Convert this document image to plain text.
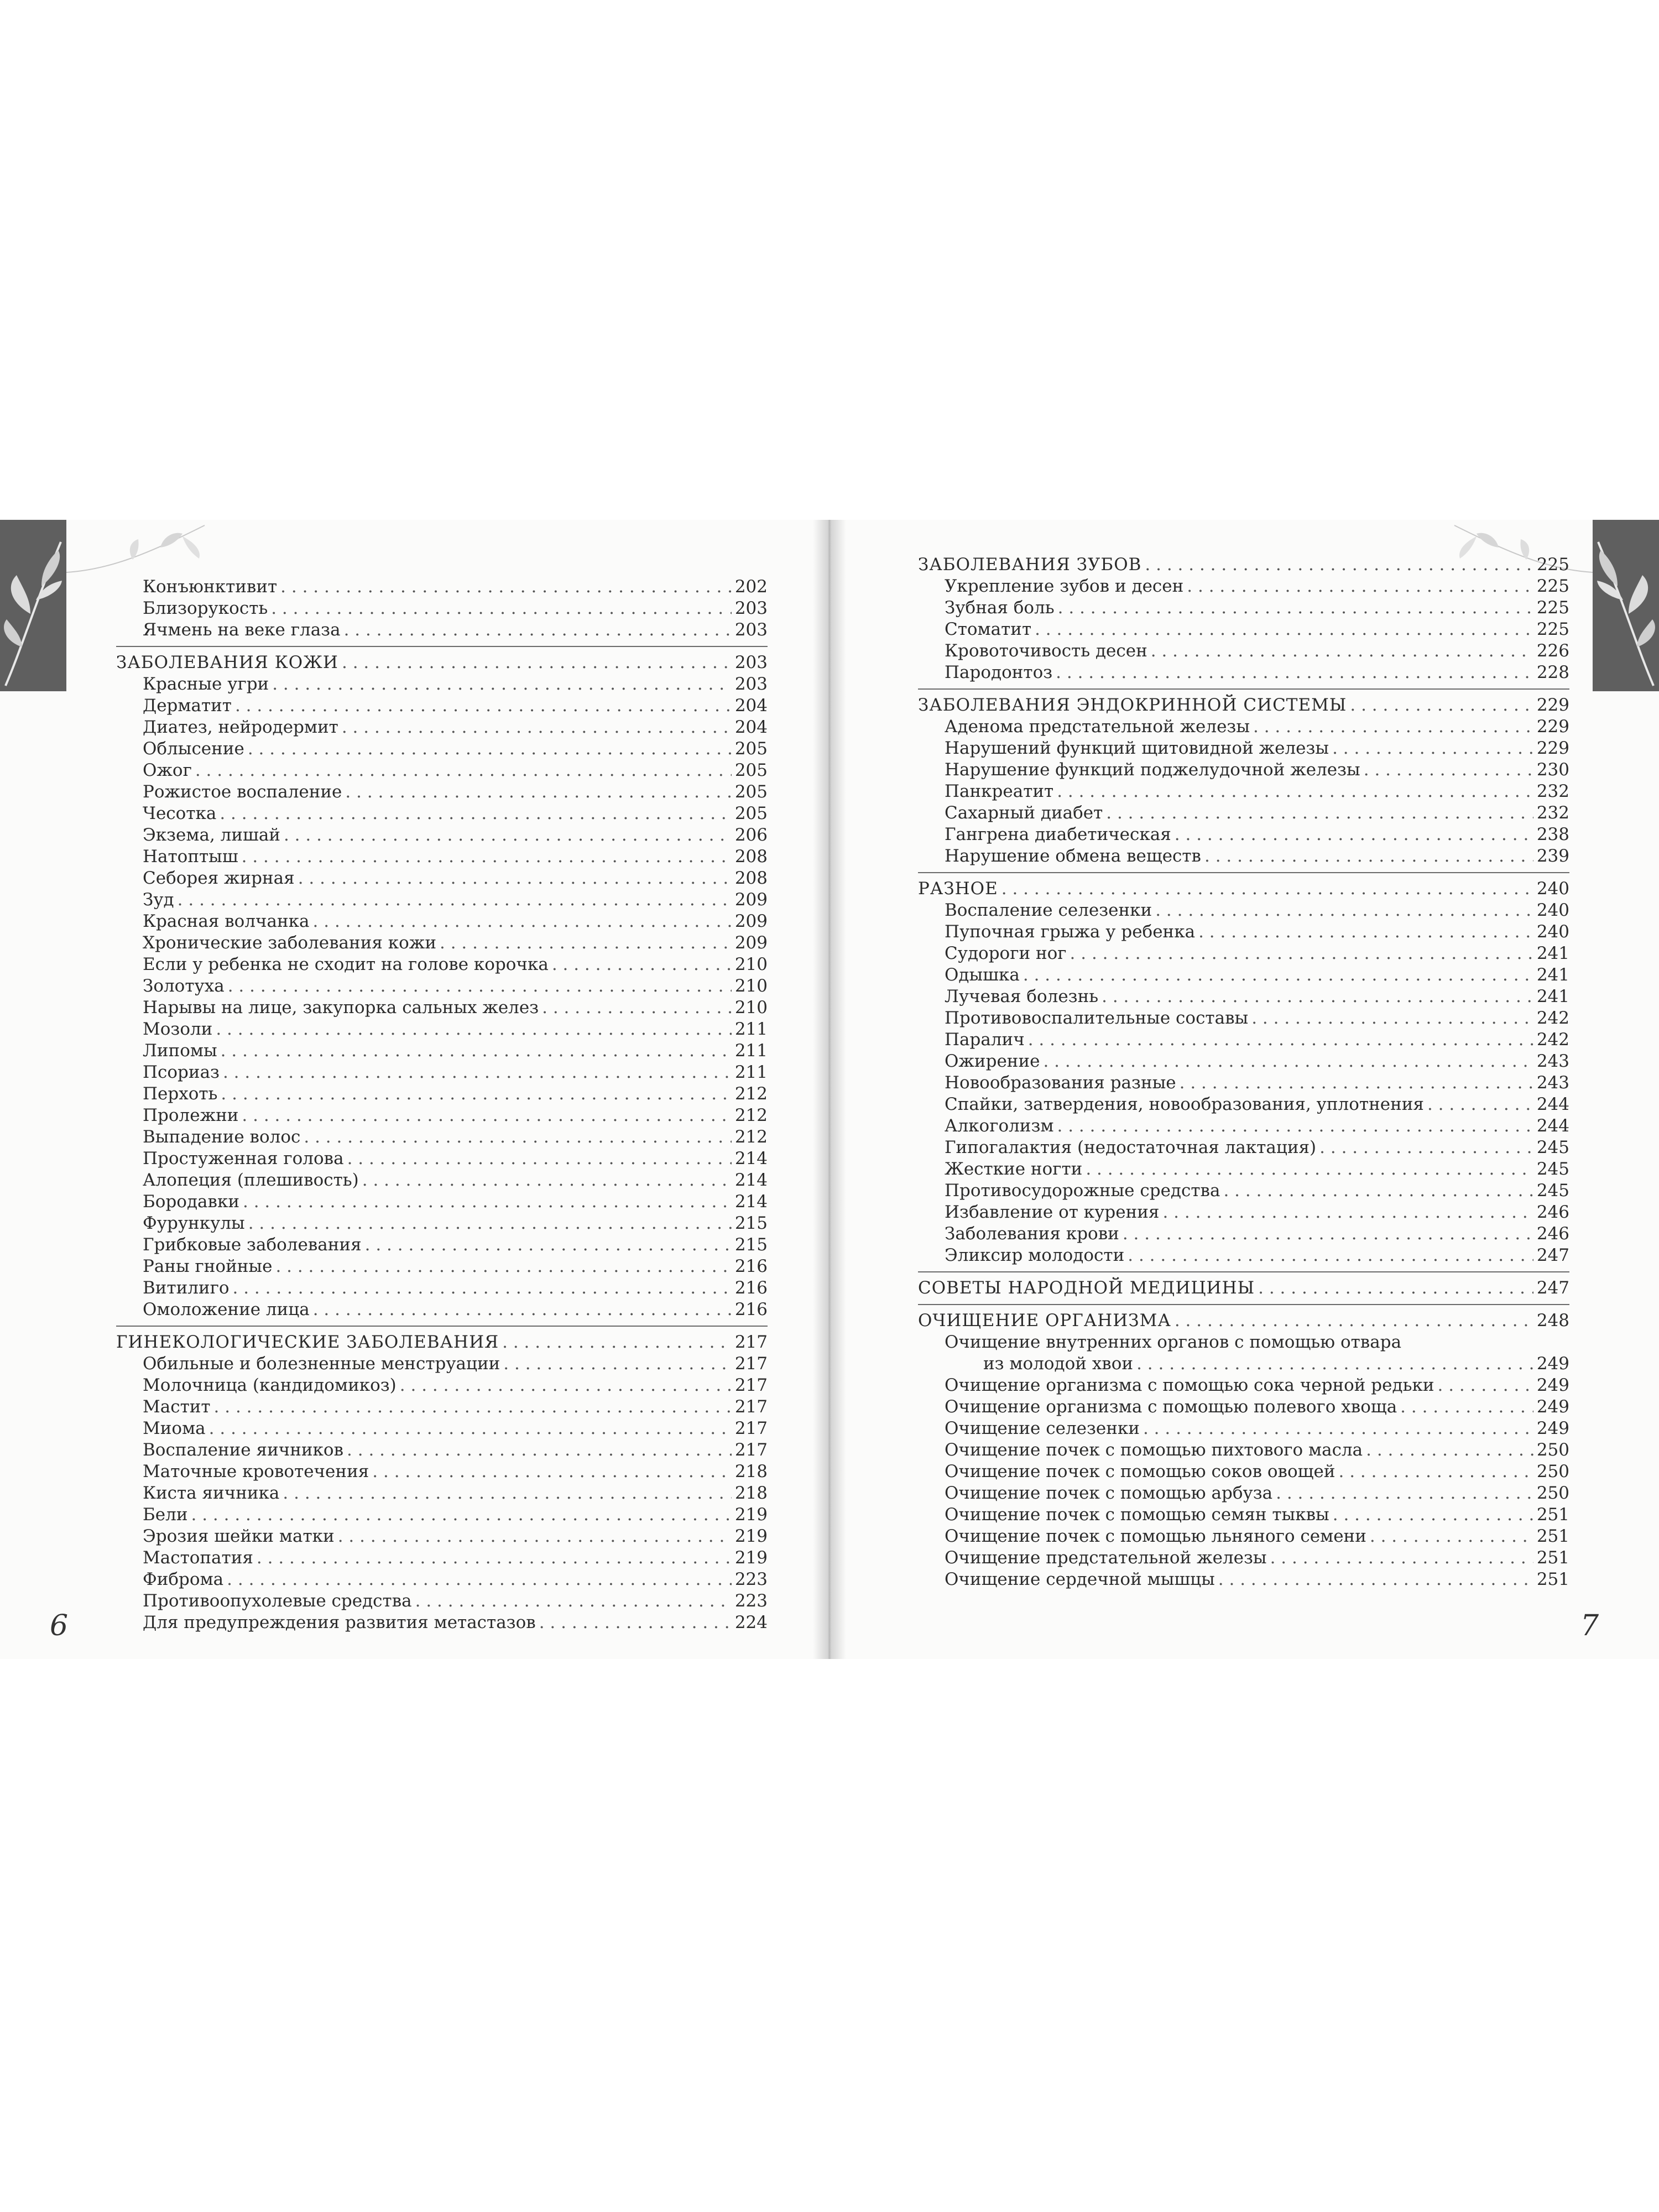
Конъюнктивит . . .	202
Близорукость . . .	203
Ячмень на веке глаза . . .	203
ЗАБОЛЕВАНИЯ КОЖИ . . .	203
Красные угри . . .	203
Дерматит . . .	204
Диатез, нейродермит . . .	204
Облысение . . .	205
Ожог . . .	205
Рожистое воспаление . . .	205
Чесотка . . .	205
Экзема, лишай . . .	206
Натоптыш . . .	208
Себорея жирная . . .	208
Зуд . . .	209
Красная волчанка . . .	209
Хронические заболевания кожи . . .	209
Если у ребенка не сходит на голове корочка . . .	210
Золотуха . . .	210
Нарывы на лице, закупорка сальных желез . . .	210
Мозоли . . .	211
Липомы . . .	211
Псориаз . . .	211
Перхоть . . .	212
Пролежни . . .	212
Выпадение волос . . .	212
Простуженная голова . . .	214
Алопеция (плешивость) . . .	214
Бородавки . . .	214
Фурункулы . . .	215
Грибковые заболевания . . .	215
Раны гнойные . . .	216
Витилиго . . .	216
Омоложение лица . . .	216
ГИНЕКОЛОГИЧЕСКИЕ ЗАБОЛЕВАНИЯ . . .	217
Обильные и болезненные менструации . . .	217
Молочница (кандидомикоз) . . .	217
Мастит . . .	217
Миома . . .	217
Воспаление яичников . . .	217
Маточные кровотечения . . .	218
Киста яичника . . .	218
Бели . . .	219
Эрозия шейки матки . . .	219
Мастопатия . . .	219
Фиброма . . .	223
Противоопухолевые средства . . .	223
Для предупреждения развития метастазов . . .	224
6
ЗАБОЛЕВАНИЯ ЗУБОВ . . .	225
Укрепление зубов и десен . . .	225
Зубная боль . . .	225
Стоматит . . .	225
Кровоточивость десен . . .	226
Пародонтоз . . .	228
ЗАБОЛЕВАНИЯ ЭНДОКРИННОЙ СИСТЕМЫ . . .	229
Аденома предстательной железы . . .	229
Нарушений функций щитовидной железы . . .	229
Нарушение функций поджелудочной железы . . .	230
Панкреатит . . .	232
Сахарный диабет . . .	232
Гангрена диабетическая . . .	238
Нарушение обмена веществ . . .	239
РАЗНОЕ . . .	240
Воспаление селезенки . . .	240
Пупочная грыжа у ребенка . . .	240
Судороги ног . . .	241
Одышка . . .	241
Лучевая болезнь . . .	241
Противовоспалительные составы . . .	242
Паралич . . .	242
Ожирение . . .	243
Новообразования разные . . .	243
Спайки, затвердения, новообразования, уплотнения . . .	244
Алкоголизм . . .	244
Гипогалактия (недостаточная лактация) . . .	245
Жесткие ногти . . .	245
Противосудорожные средства . . .	245
Избавление от курения . . .	246
Заболевания крови . . .	246
Эликсир молодости . . .	247
СОВЕТЫ НАРОДНОЙ МЕДИЦИНЫ . . .	247
ОЧИЩЕНИЕ ОРГАНИЗМА . . .	248
Очищение внутренних органов с помощью отвара
из молодой хвои . . .	249
Очищение организма с помощью сока черной редьки . . .	249
Очищение организма с помощью полевого хвоща . . .	249
Очищение селезенки . . .	249
Очищение почек с помощью пихтового масла . . .	250
Очищение почек с помощью соков овощей . . .	250
Очищение почек с помощью арбуза . . .	250
Очищение почек с помощью семян тыквы . . .	251
Очищение почек с помощью льняного семени . . .	251
Очищение предстательной железы . . .	251
Очищение сердечной мышцы . . .	251
7
